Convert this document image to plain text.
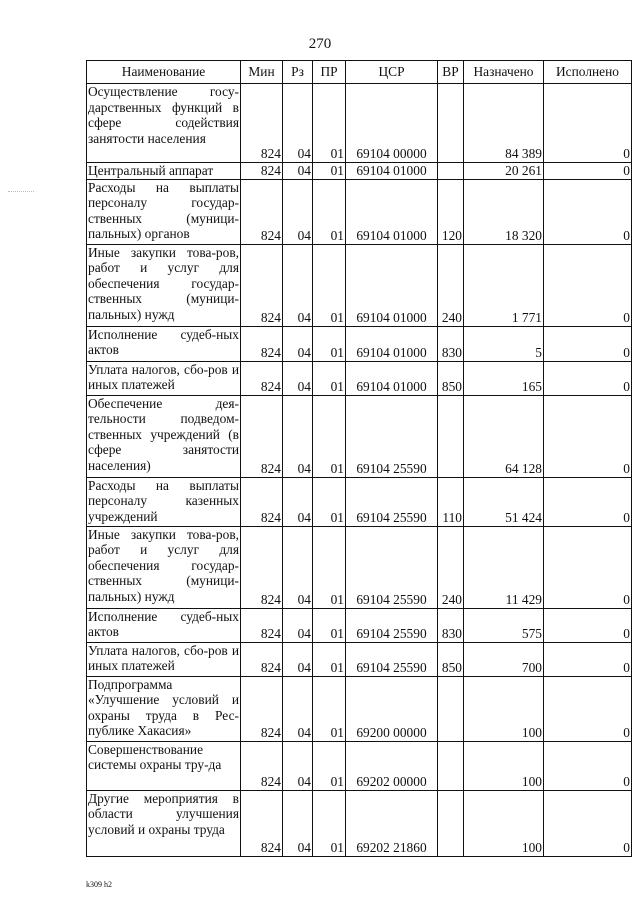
270
Наименование	Мин	Рз	ПР	ЦСР	ВР	Назначено	Исполнено
Осуществление госу-дарственных функций в сфере содействия занятости населения	824	04	01	69104 00000		84 389	0
Центральный аппарат	824	04	01	69104 01000		20 261	0
Расходы на выплаты персоналу государ-ственных (муници-пальных) органов	824	04	01	69104 01000	120	18 320	0
Иные закупки това-ров, работ и услуг для обеспечения государ-ственных (муници-пальных) нужд	824	04	01	69104 01000	240	1 771	0
Исполнение судеб-ных актов	824	04	01	69104 01000	830	5	0
Уплата налогов, сбо-ров и иных платежей	824	04	01	69104 01000	850	165	0
Обеспечение дея-тельности подведом-ственных учреждений (в сфере занятости населения)	824	04	01	69104 25590		64 128	0
Расходы на выплаты персоналу казенных учреждений	824	04	01	69104 25590	110	51 424	0
Иные закупки това-ров, работ и услуг для обеспечения государ-ственных (муници-пальных) нужд	824	04	01	69104 25590	240	11 429	0
Исполнение судеб-ных актов	824	04	01	69104 25590	830	575	0
Уплата налогов, сбо-ров и иных платежей	824	04	01	69104 25590	850	700	0
Подпрограмма «Улучшение условий и охраны труда в Рес-публике Хакасия»	824	04	01	69200 00000		100	0
Совершенствование системы охраны тру-да	824	04	01	69202 00000		100	0
Другие мероприятия в области улучшения условий и охраны труда	824	04	01	69202 21860		100	0
k309 h2
